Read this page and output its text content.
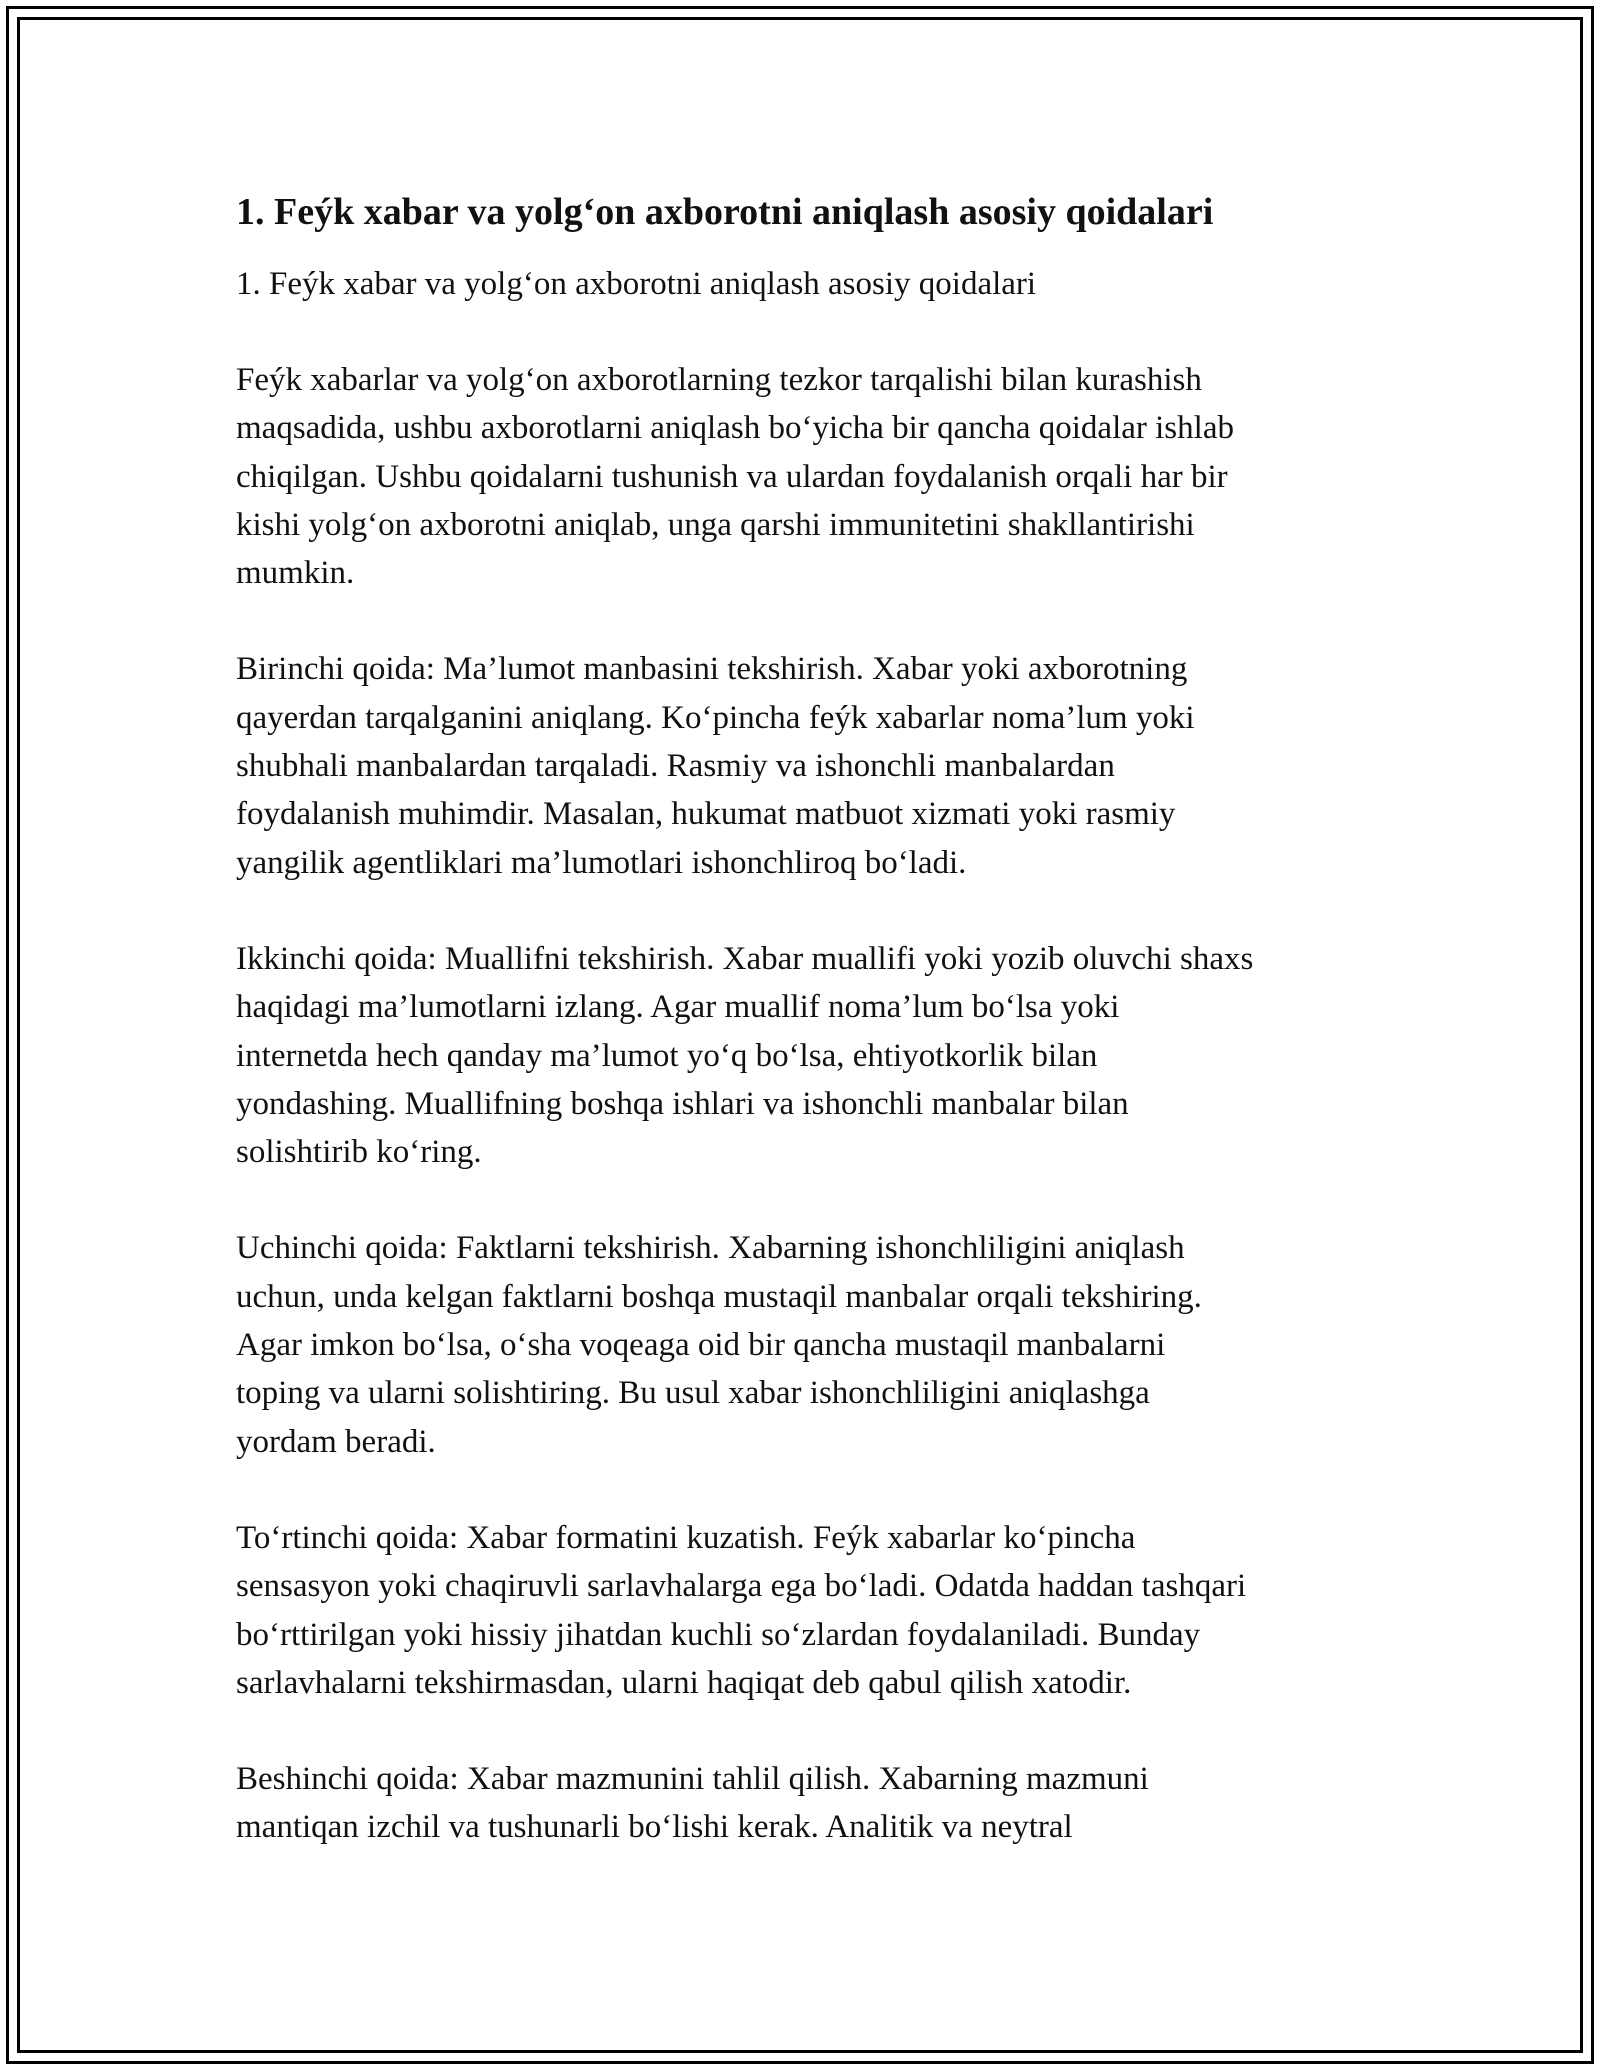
1. Feýk xabar va yolg‘on axborotni aniqlash asosiy qoidalari
1. Feýk xabar va yolg‘on axborotni aniqlash asosiy qoidalari

Feýk xabarlar va yolg‘on axborotlarning tezkor tarqalishi bilan kurashish
maqsadida, ushbu axborotlarni aniqlash bo‘yicha bir qancha qoidalar ishlab
chiqilgan. Ushbu qoidalarni tushunish va ulardan foydalanish orqali har bir
kishi yolg‘on axborotni aniqlab, unga qarshi immunitetini shakllantirishi
mumkin.

Birinchi qoida: Ma’lumot manbasini tekshirish. Xabar yoki axborotning
qayerdan tarqalganini aniqlang. Ko‘pincha feýk xabarlar noma’lum yoki
shubhali manbalardan tarqaladi. Rasmiy va ishonchli manbalardan
foydalanish muhimdir. Masalan, hukumat matbuot xizmati yoki rasmiy
yangilik agentliklari ma’lumotlari ishonchliroq bo‘ladi.

Ikkinchi qoida: Muallifni tekshirish. Xabar muallifi yoki yozib oluvchi shaxs
haqidagi ma’lumotlarni izlang. Agar muallif noma’lum bo‘lsa yoki
internetda hech qanday ma’lumot yo‘q bo‘lsa, ehtiyotkorlik bilan
yondashing. Muallifning boshqa ishlari va ishonchli manbalar bilan
solishtirib ko‘ring.

Uchinchi qoida: Faktlarni tekshirish. Xabarning ishonchliligini aniqlash
uchun, unda kelgan faktlarni boshqa mustaqil manbalar orqali tekshiring.
Agar imkon bo‘lsa, o‘sha voqeaga oid bir qancha mustaqil manbalarni
toping va ularni solishtiring. Bu usul xabar ishonchliligini aniqlashga
yordam beradi.

To‘rtinchi qoida: Xabar formatini kuzatish. Feýk xabarlar ko‘pincha
sensasyon yoki chaqiruvli sarlavhalarga ega bo‘ladi. Odatda haddan tashqari
bo‘rttirilgan yoki hissiy jihatdan kuchli so‘zlardan foydalaniladi. Bunday
sarlavhalarni tekshirmasdan, ularni haqiqat deb qabul qilish xatodir.

Beshinchi qoida: Xabar mazmunini tahlil qilish. Xabarning mazmuni
mantiqan izchil va tushunarli bo‘lishi kerak. Analitik va neytral
